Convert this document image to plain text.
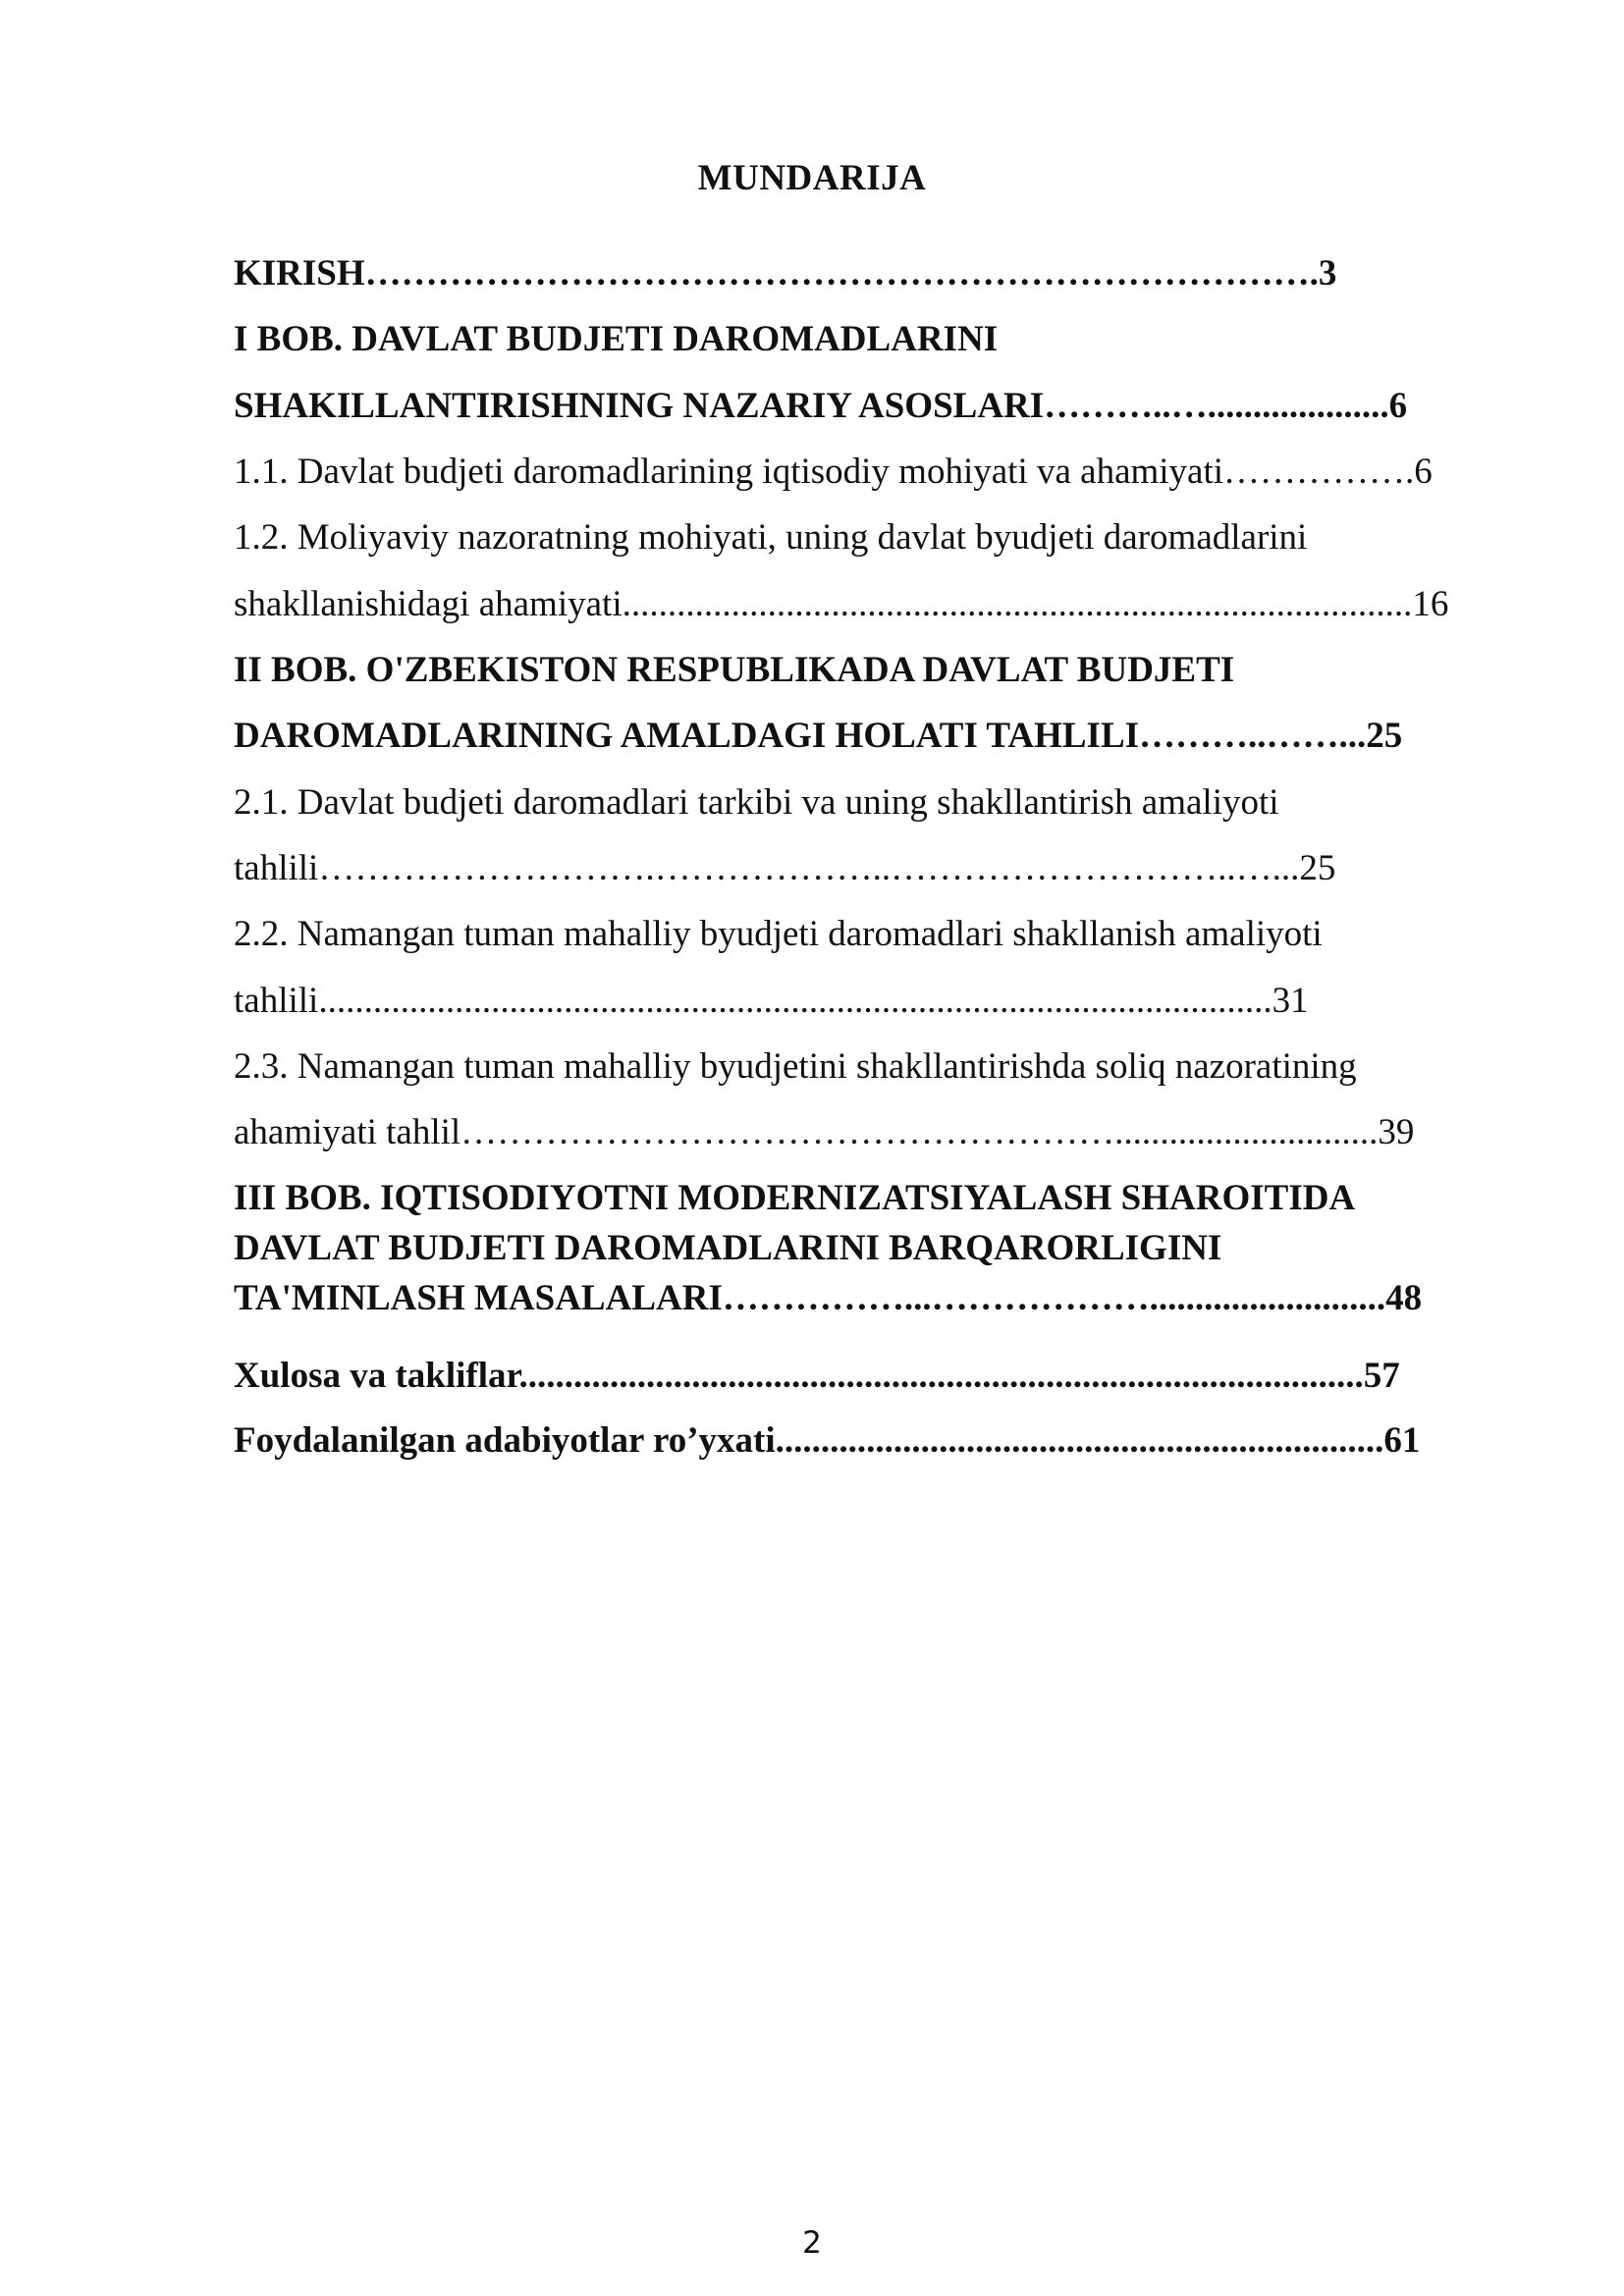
MUNDARIJA
KIRISH…………………………………………………………………….3
I BOB. DAVLAT BUDJETI DAROMADLARINI
SHAKILLANTIRISHNING NAZARIY ASOSLARI………..…....................6
1.1. Davlat budjeti daromadlarining iqtisodiy mohiyati va ahamiyati…………….6
1.2. Moliyaviy nazoratning mohiyati, uning davlat byudjeti daromadlarini
shakllanishidagi ahamiyati.......................................................................................16
II BOB. O'ZBEKISTON RESPUBLIKADA DAVLAT BUDJETI
DAROMADLARINING AMALDAGI HOLATI TAHLILI………..……...25
2.1. Davlat budjeti daromadlari tarkibi va uning shakllantirish amaliyoti
tahlili……………………….………………..………………………..…...25
2.2. Namangan tuman mahalliy byudjeti daromadlari shakllanish amaliyoti
tahlili.........................................................................................................31
2.3. Namangan tuman mahalliy byudjetini shakllantirishda soliq nazoratining
ahamiyati tahlil……………………………………………….............................39
III BOB. IQTISODIYOTNI MODERNIZATSIYALASH SHAROITIDA
DAVLAT BUDJETI DAROMADLARINI BARQARORLIGINI
TA'MINLASH MASALALARI……………...………………..........................48
Xulosa va takliflar.............................................................................................57
Foydalanilgan adabiyotlar ro’yxati...................................................................61
2
